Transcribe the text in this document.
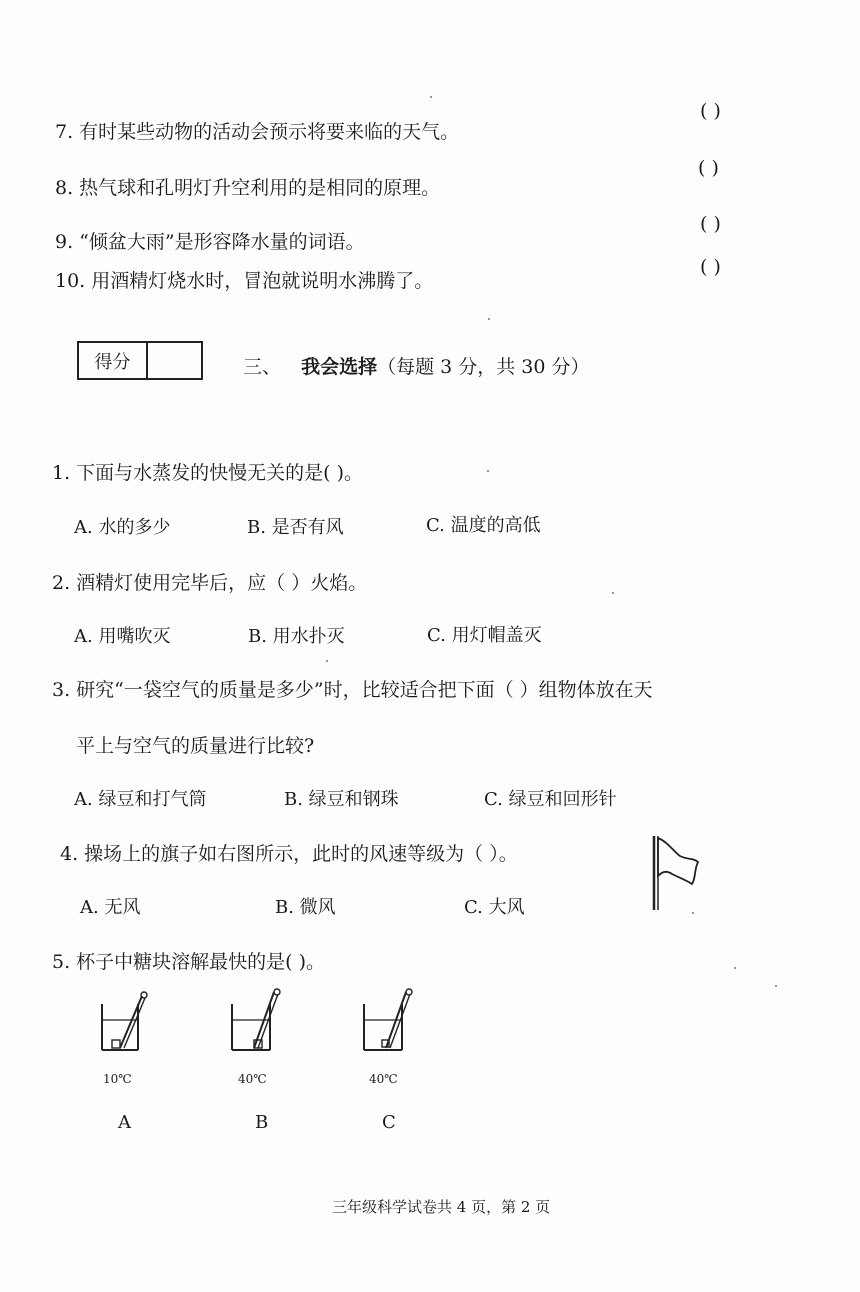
7. 有时某些动物的活动会预示将要来临的天气。
( )
8. 热气球和孔明灯升空利用的是相同的原理。
( )
9. “倾盆大雨”是形容降水量的词语。
( )
10. 用酒精灯烧水时，冒泡就说明水沸腾了。
( )
得分	三、 我会选择（每题 3 分，共 30 分）
1. 下面与水蒸发的快慢无关的是( )。
A. 水的多少	B. 是否有风	C. 温度的高低
2. 酒精灯使用完毕后，应（ ）火焰。
A. 用嘴吹灭	B. 用水扑灭	C. 用灯帽盖灭
3. 研究“一袋空气的质量是多少”时，比较适合把下面（ ）组物体放在天
平上与空气的质量进行比较?
A. 绿豆和打气筒	B. 绿豆和钢珠	C. 绿豆和回形针
4. 操场上的旗子如右图所示，此时的风速等级为（ ）。
A. 无风	B. 微风	C. 大风
5. 杯子中糖块溶解最快的是( )。
10℃
A
40℃
B
40℃
C
三年级科学试卷共 4 页，第 2 页
